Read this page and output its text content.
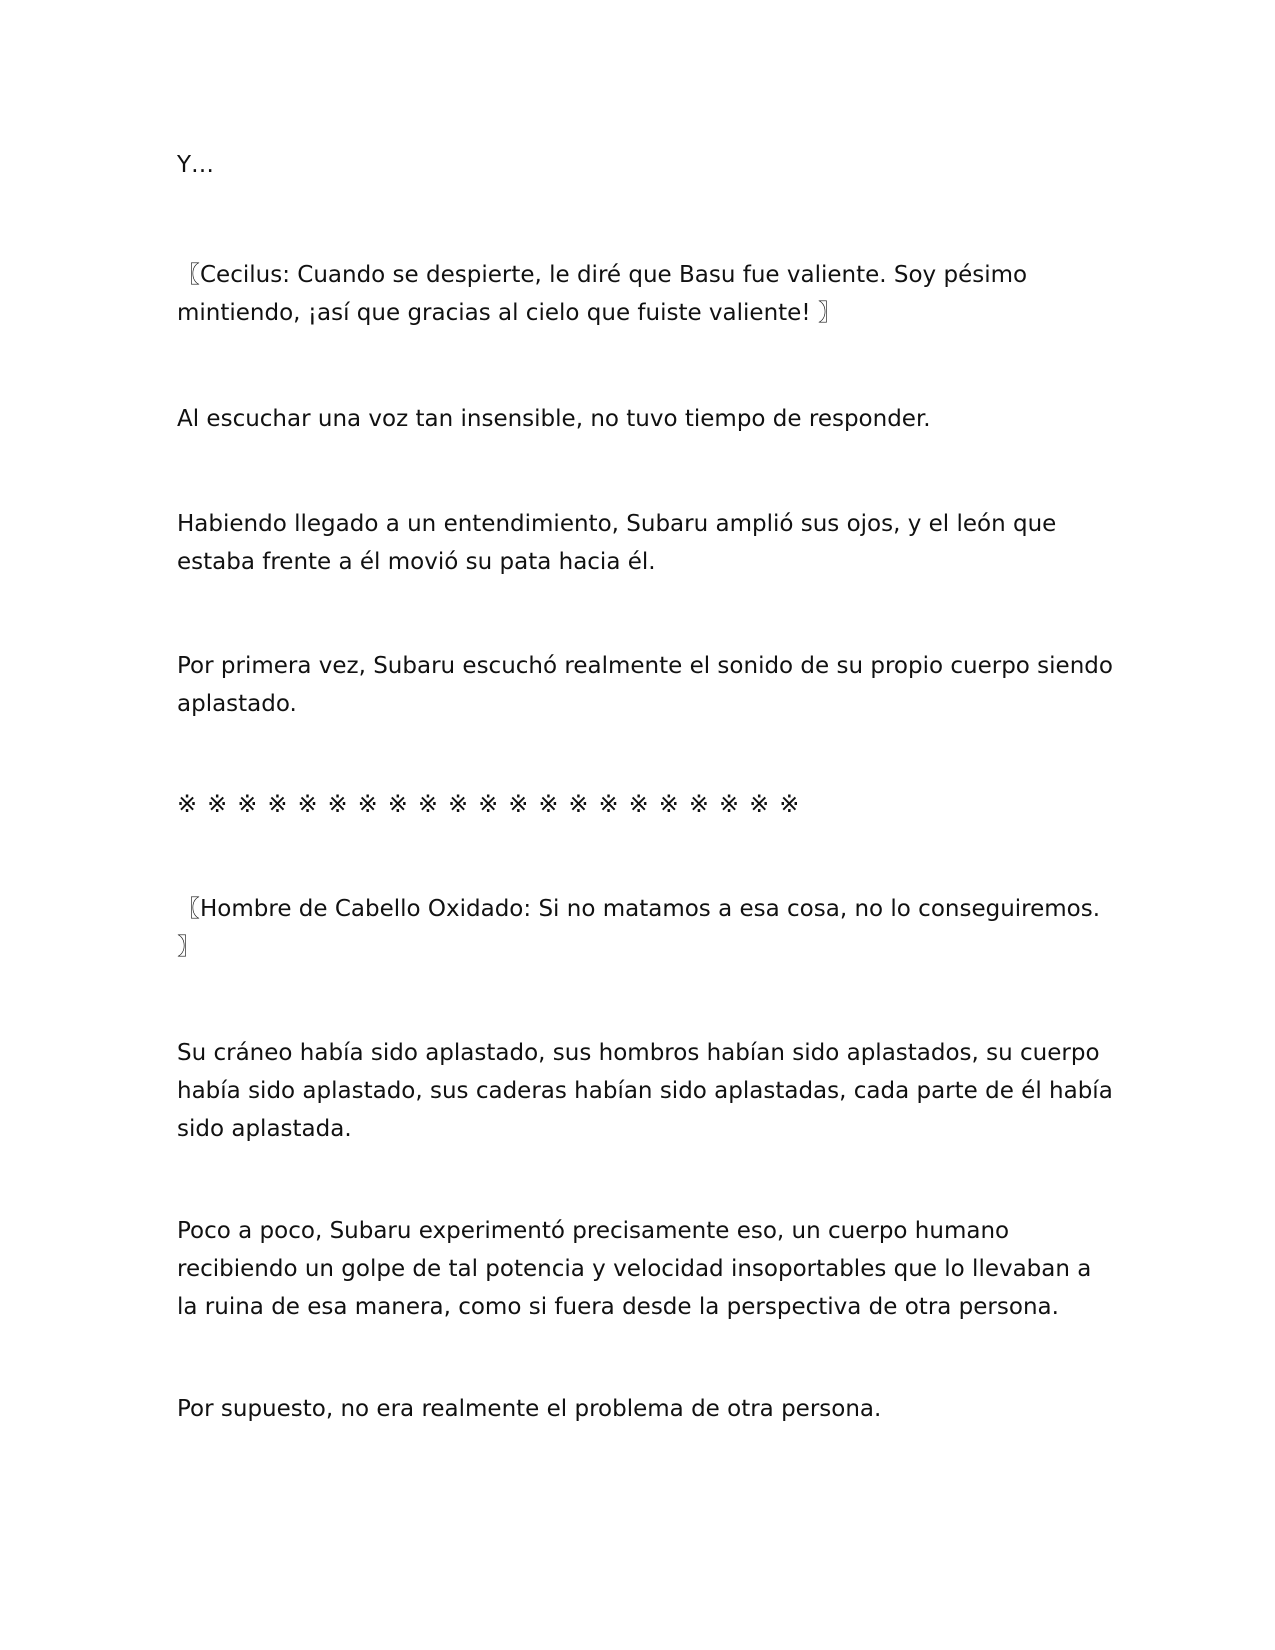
Y…

〖Cecilus: Cuando se despierte, le diré que Basu fue valiente. Soy pésimo mintiendo, ¡así que gracias al cielo que fuiste valiente! 〗

Al escuchar una voz tan insensible, no tuvo tiempo de responder.

Habiendo llegado a un entendimiento, Subaru amplió sus ojos, y el león que estaba frente a él movió su pata hacia él.

Por primera vez, Subaru escuchó realmente el sonido de su propio cuerpo siendo aplastado.

※※※※※※※※※※※※※※※※※※※※※

〖Hombre de Cabello Oxidado: Si no matamos a esa cosa, no lo conseguiremos. 〗

Su cráneo había sido aplastado, sus hombros habían sido aplastados, su cuerpo había sido aplastado, sus caderas habían sido aplastadas, cada parte de él había sido aplastada.

Poco a poco, Subaru experimentó precisamente eso, un cuerpo humano recibiendo un golpe de tal potencia y velocidad insoportables que lo llevaban a la ruina de esa manera, como si fuera desde la perspectiva de otra persona.

Por supuesto, no era realmente el problema de otra persona.
